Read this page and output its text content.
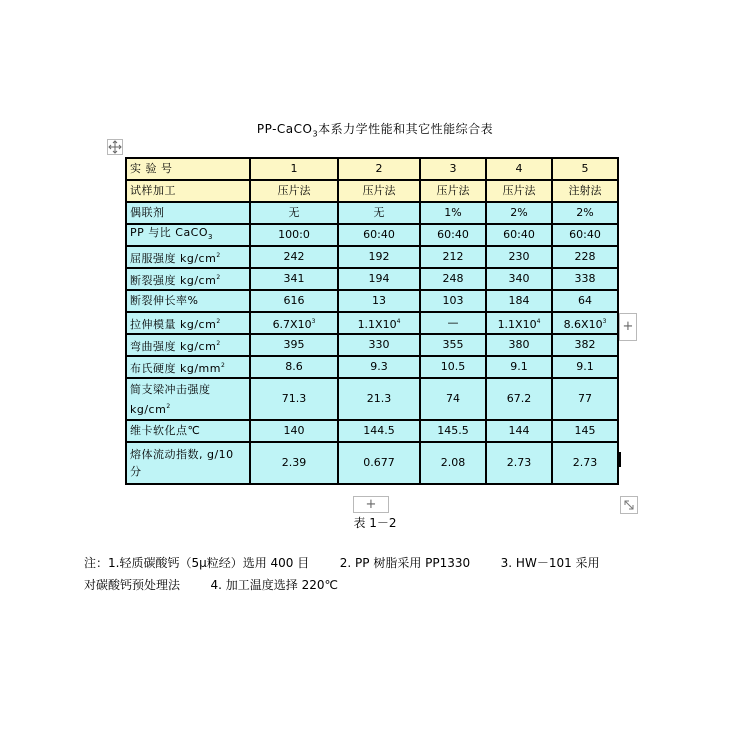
PP-CaCO$_3$本系力学性能和其它性能综合表
实 验 号	1	2	3	4	5
试样加工	压片法	压片法	压片法	压片法	注射法
偶联剂	无	无	1%	2%	2%
PP 与比 CaCO$_3$	100:0	60:40	60:40	60:40	60:40
屈服强度 $kg/cm^2$	242	192	212	230	228
断裂强度 $kg/cm^2$	341	194	248	340	338
断裂伸长率%	616	13	103	184	64
拉伸模量 $kg/cm^2$	$6.7X10^3$	$1.1X10^4$	—	$1.1X10^4$	$8.6X10^3$
弯曲强度 $kg/cm^2$	395	330	355	380	382
布氏硬度 $kg/mm^2$	8.6	9.3	10.5	9.1	9.1
简支梁冲击强度 $kg/cm^2$	71.3	21.3	74	67.2	77
维卡软化点℃	140	144.5	145.5	144	145
熔体流动指数, g/10 分	2.39	0.677	2.08	2.73	2.73
+
+
表 1－2
注：1.轻质碳酸钙（5μ粒经）选用 400 目        2. PP 树脂采用 PP1330        3. HW－101 采用
对碳酸钙预处理法        4. 加工温度选择 220℃
